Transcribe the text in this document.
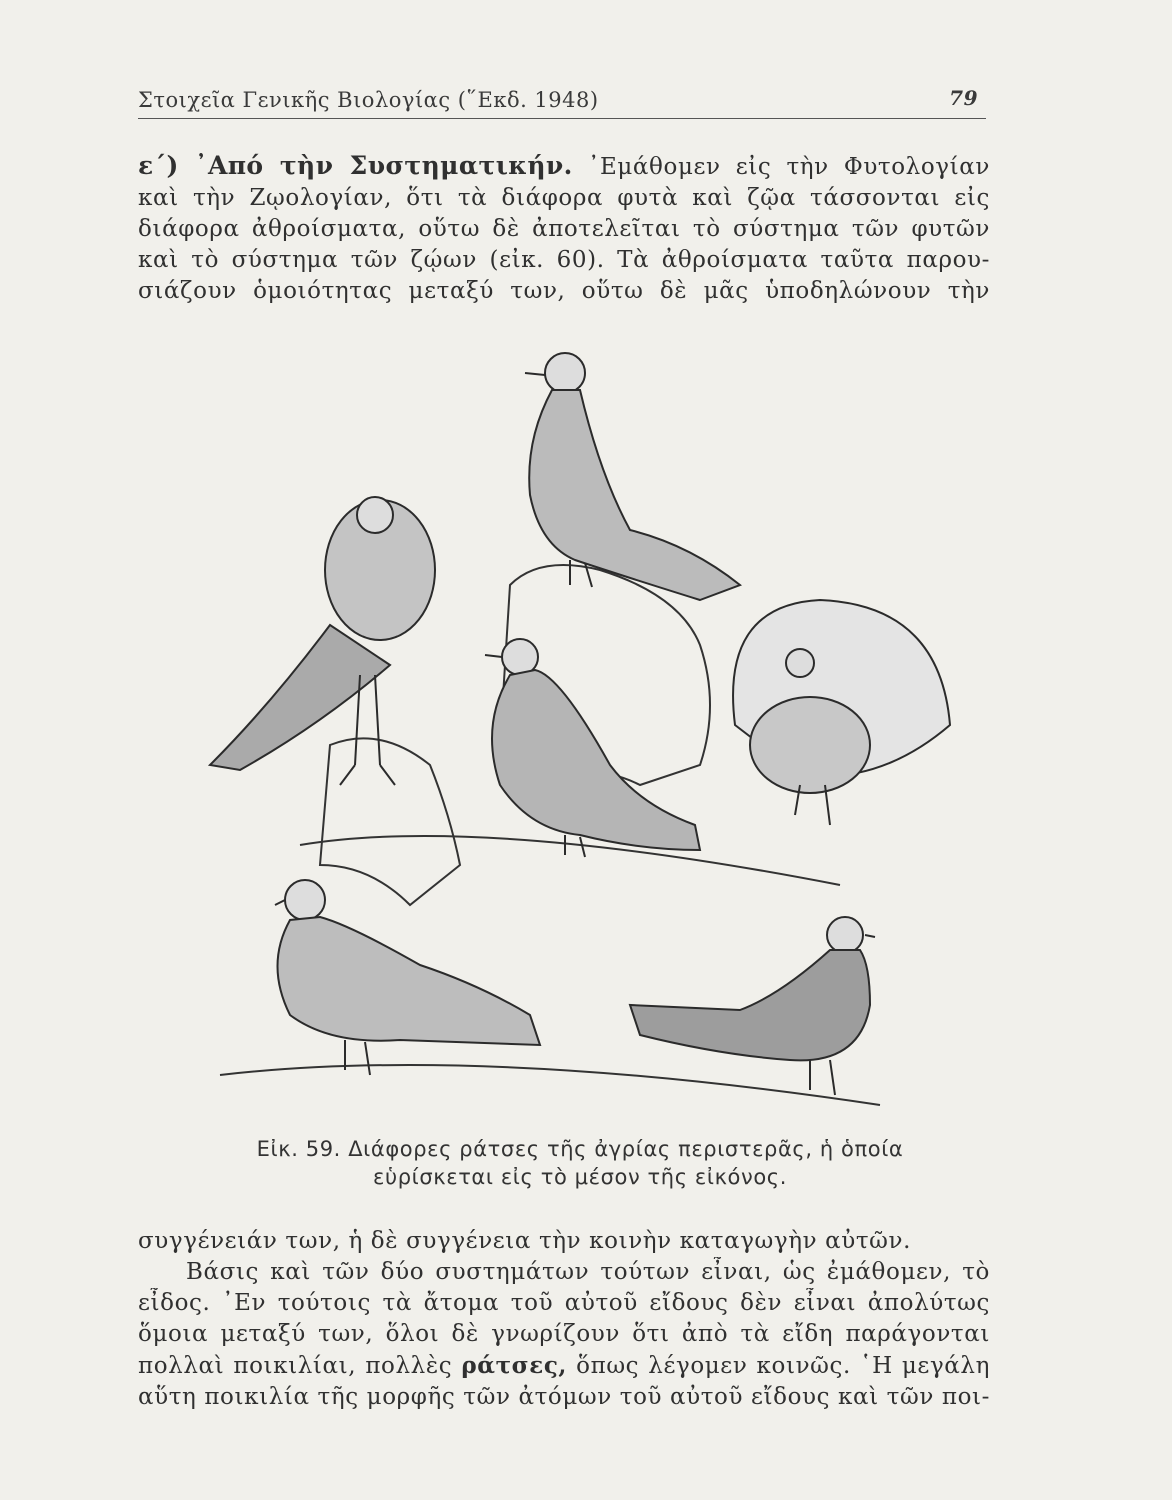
Στοιχεῖα Γενικῆς Βιολογίας (῞Εκδ. 1948)	79
ε΄) ᾿Από τὴν Συστηματικήν. ᾿Εμάθομεν εἰς τὴν Φυτολογίαν
καὶ τὴν Ζῳολογίαν, ὅτι τὰ διάφορα φυτὰ καὶ ζῷα τάσσονται εἰς
διάφορα ἀθροίσματα, οὕτω δὲ ἀποτελεῖται τὸ σύστημα τῶν φυτῶν
καὶ τὸ σύστημα τῶν ζῴων (εἰκ. 60). Τὰ ἀθροίσματα ταῦτα παρου-
σιάζουν ὁμοιότητας μεταξύ των, οὕτω δὲ μᾶς ὑποδηλώνουν τὴν
Εἰκ. 59. Διάφορες ράτσες τῆς ἀγρίας περιστερᾶς, ἡ ὁποία
εὑρίσκεται εἰς τὸ μέσον τῆς εἰκόνος.
συγγένειάν των, ἡ δὲ συγγένεια τὴν κοινὴν καταγωγὴν αὐτῶν.
Βάσις καὶ τῶν δύο συστημάτων τούτων εἶναι, ὡς ἐμάθομεν, τὸ
εἶδος. ᾿Εν τούτοις τὰ ἄτομα τοῦ αὐτοῦ εἴδους δὲν εἶναι ἀπολύτως
ὅμοια μεταξύ των, ὅλοι δὲ γνωρίζουν ὅτι ἀπὸ τὰ εἴδη παράγονται
πολλαὶ ποικιλίαι, πολλὲς ράτσες, ὅπως λέγομεν κοινῶς. ῾Η μεγάλη
αὕτη ποικιλία τῆς μορφῆς τῶν ἀτόμων τοῦ αὐτοῦ εἴδους καὶ τῶν ποι-
